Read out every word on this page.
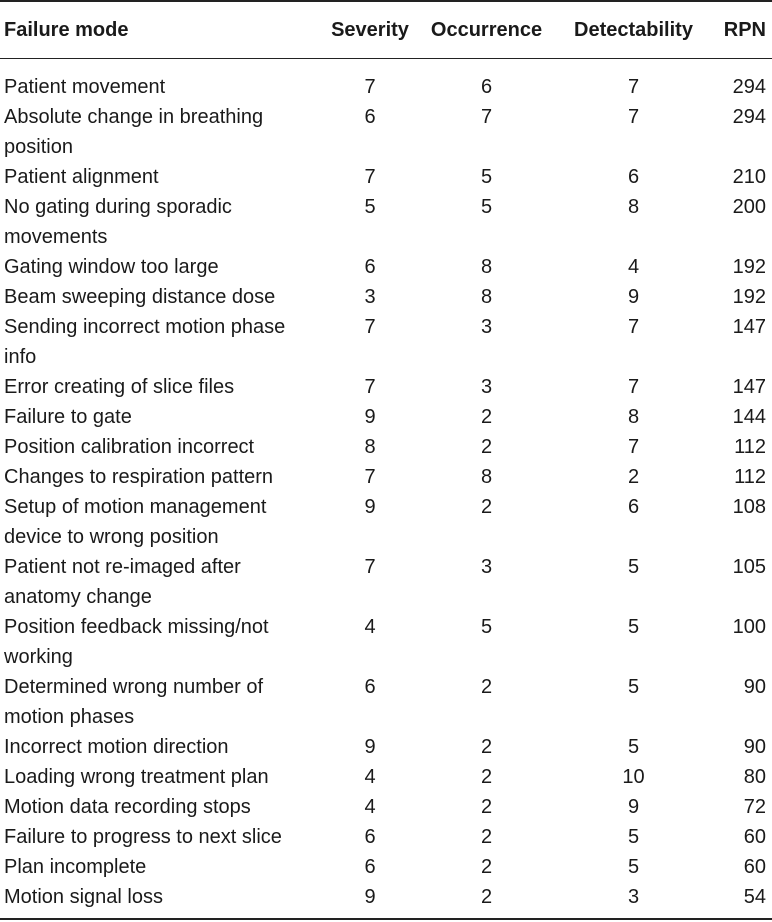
Failure mode	Severity	Occurrence	Detectability	RPN
Patient movement	7	6	7	294
Absolute change in breathing position	6	7	7	294
Patient alignment	7	5	6	210
No gating during sporadic movements	5	5	8	200
Gating window too large	6	8	4	192
Beam sweeping distance dose	3	8	9	192
Sending incorrect motion phase info	7	3	7	147
Error creating of slice files	7	3	7	147
Failure to gate	9	2	8	144
Position calibration incorrect	8	2	7	112
Changes to respiration pattern	7	8	2	112
Setup of motion management device to wrong position	9	2	6	108
Patient not re-imaged after anatomy change	7	3	5	105
Position feedback missing/not working	4	5	5	100
Determined wrong number of motion phases	6	2	5	90
Incorrect motion direction	9	2	5	90
Loading wrong treatment plan	4	2	10	80
Motion data recording stops	4	2	9	72
Failure to progress to next slice	6	2	5	60
Plan incomplete	6	2	5	60
Motion signal loss	9	2	3	54
